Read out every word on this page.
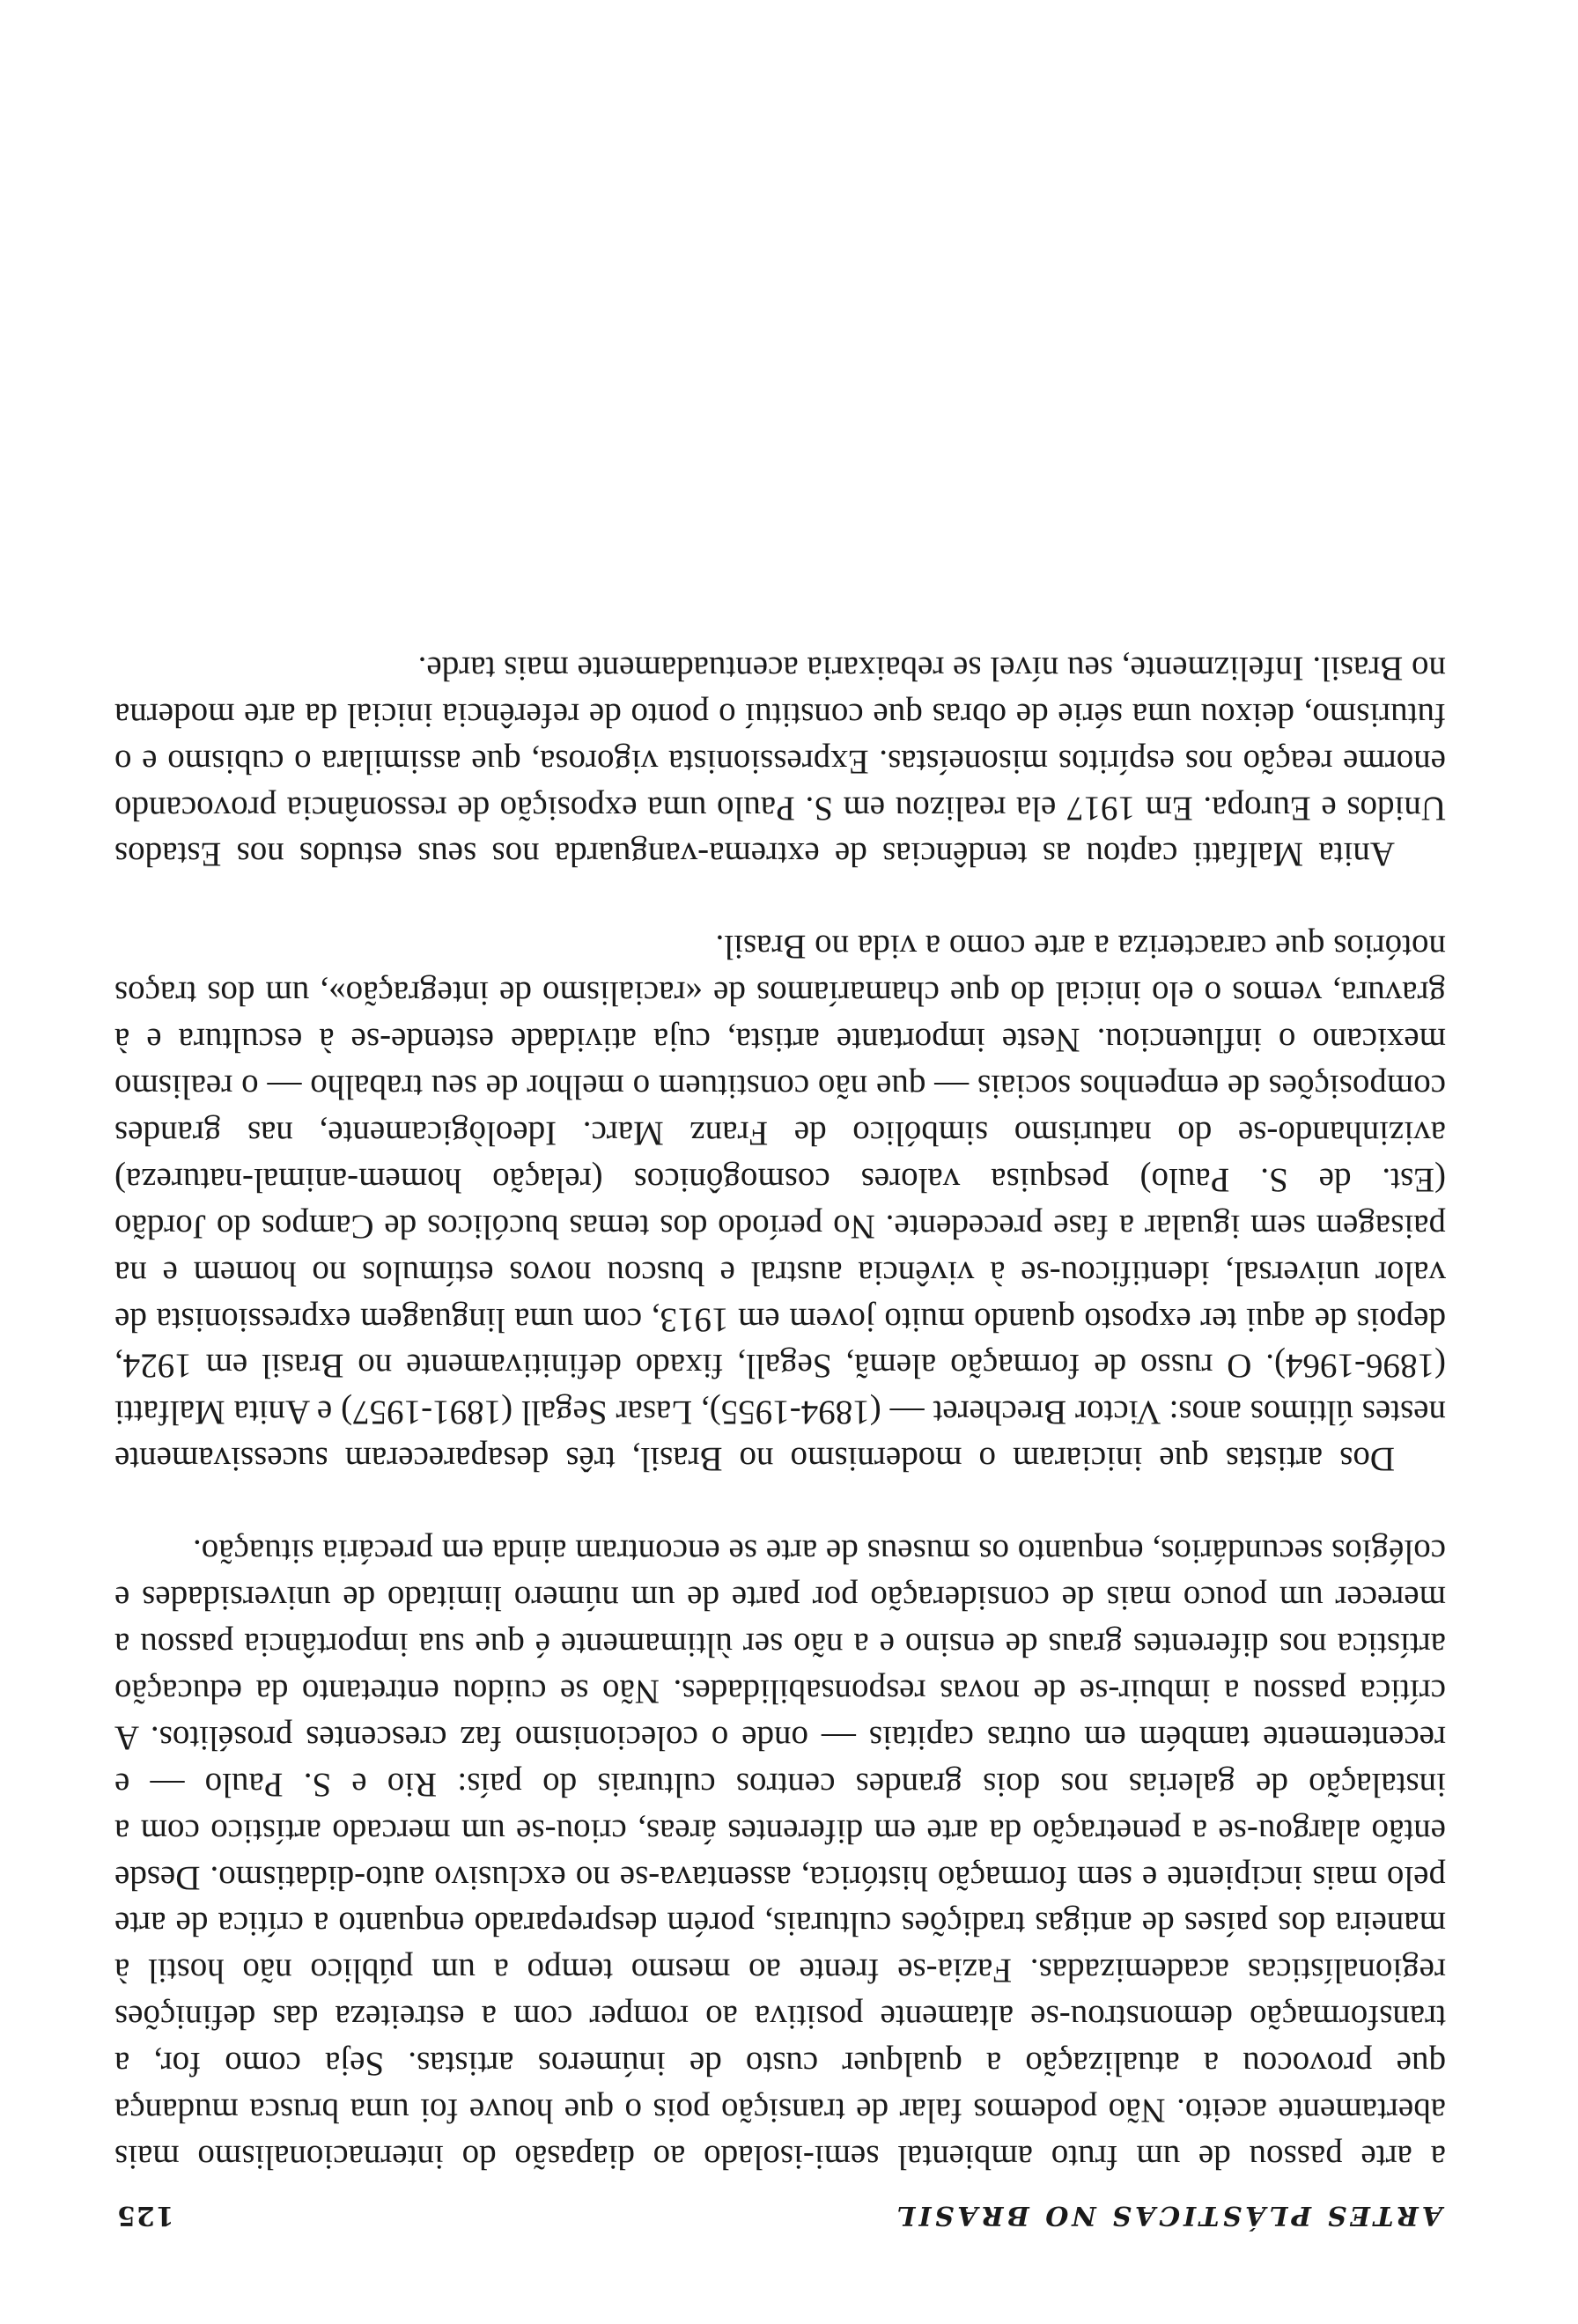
ARTES PLÁSTICAS NO BRASIL
125

a arte passou de um fruto ambiental semi-isolado ao diapasão do internacionalismo mais abertamente aceito. Não podemos falar de transição pois o que houve foi uma brusca mudança que provocou a atualização a qualquer custo de inúmeros artistas. Seja como for, a transformação demonstrou-se altamente positiva ao romper com a estreiteza das definições regionalísticas academizadas. Fazia-se frente ao mesmo tempo a um público não hostil à maneira dos países de antigas tradições culturais, porém despreparado enquanto a crítica de arte pelo mais incipiente e sem formação histórica, assentava-se no exclusivo auto-didatismo. Desde então alargou-se a penetração da arte em diferentes áreas, criou-se um mercado artístico com a instalação de galerias nos dois grandes centros culturais do país: Rio e S. Paulo — e recentemente também em outras capitais — onde o colecionismo faz crescentes prosélitos. A crítica passou a imbuir-se de novas responsabilidades. Não se cuidou entretanto da educação artística nos diferentes graus de ensino e a não ser ùltimamente é que sua importância passou a merecer um pouco mais de consideração por parte de um número limitado de universidades e colégios secundários, enquanto os museus de arte se encontram ainda em precária situação.

Dos artistas que iniciaram o modernismo no Brasil, três desapareceram sucessivamente nestes últimos anos: Victor Brecheret — (1894-1955), Lasar Segall (1891-1957) e Anita Malfatti (1896-1964). O russo de formação alemã, Segall, fixado definitivamente no Brasil em 1924, depois de aqui ter exposto quando muito jovem em 1913, com uma linguagem expressionista de valor universal, identificou-se à vivência austral e buscou novos estímulos no homem e na paisagem sem igualar a fase precedente. No período dos temas bucólicos de Campos do Jordão (Est. de S. Paulo) pesquisa valores cosmogônicos (relação homem-animal-natureza) avizinhando-se do naturismo simbólico de Franz Marc. Ideològicamente, nas grandes composições de empenhos sociais — que não constituem o melhor de seu trabalho — o realismo mexicano o influenciou. Neste importante artista, cuja atividade estende-se à escultura e à gravura, vemos o elo inicial do que chamaríamos de «racialismo de integração», um dos traços notórios que caracteriza a arte como a vida no Brasil.

Anita Malfatti captou as tendências de extrema-vanguarda nos seus estudos nos Estados Unidos e Europa. Em 1917 ela realizou em S. Paulo uma exposição de ressonância provocando enorme reação nos espíritos misoneístas. Expressionista vigorosa, que assimilara o cubismo e o futurismo, deixou uma série de obras que constituí o ponto de referência inicial da arte moderna no Brasil. Infelizmente, seu nível se rebaixaria acentuadamente mais tarde.
